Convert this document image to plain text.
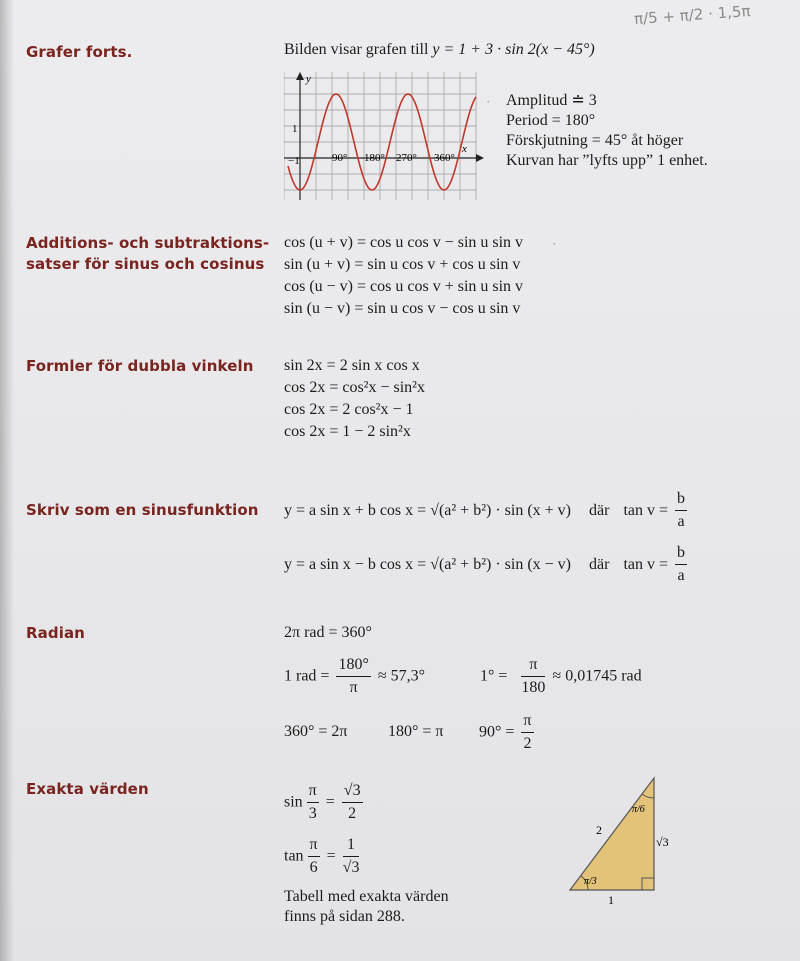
π/5 + π/2 · 1,5π
Grafer forts.	Bilden visar grafen till y = 1 + 3 · sin 2(x − 45°)
y
x
1
−1	90° 180° 270° 360°
Amplitud ≐ 3
Period = 180°
Förskjutning = 45° åt höger
Kurvan har ”lyfts upp” 1 enhet.
Additions- och subtraktions-
satser för sinus och cosinus
cos (u + v) = cos u cos v − sin u sin v
sin (u + v) = sin u cos v + cos u sin v
cos (u − v) = cos u cos v + sin u sin v
sin (u − v) = sin u cos v − cos u sin v
Formler för dubbla vinkeln sin 2x = 2 sin x cos x
cos 2x = cos²x − sin²x
cos 2x = 2 cos²x − 1
cos 2x = 1 − 2 sin²x
Skriv som en sinusfunktion y = a sin x + b cos x = √(a² + b²) · sin (x + v) där $\tan v = \frac{b}{a}$
y = a sin x − b cos x = √(a² + b²) · sin (x − v) där $\tan v = \frac{b}{a}$
Radian	2π rad = 360°
1 rad = $\frac{180^\circ}{\pi} \approx 57,3^\circ$	$1^\circ = \frac{\pi}{180} \approx 0,01745$ rad
360° = 2π	180° = π $90^\circ = \frac{\pi}{2}$
Exakta värden
$\sin \frac{\pi}{3} = \frac{√3}{2}$
$\tan \frac{\pi}{6} = \frac{1}{√3}$
Tabell med exakta värden
finns på sidan 288.
2
√3
1
π/6
π/3
·
·
